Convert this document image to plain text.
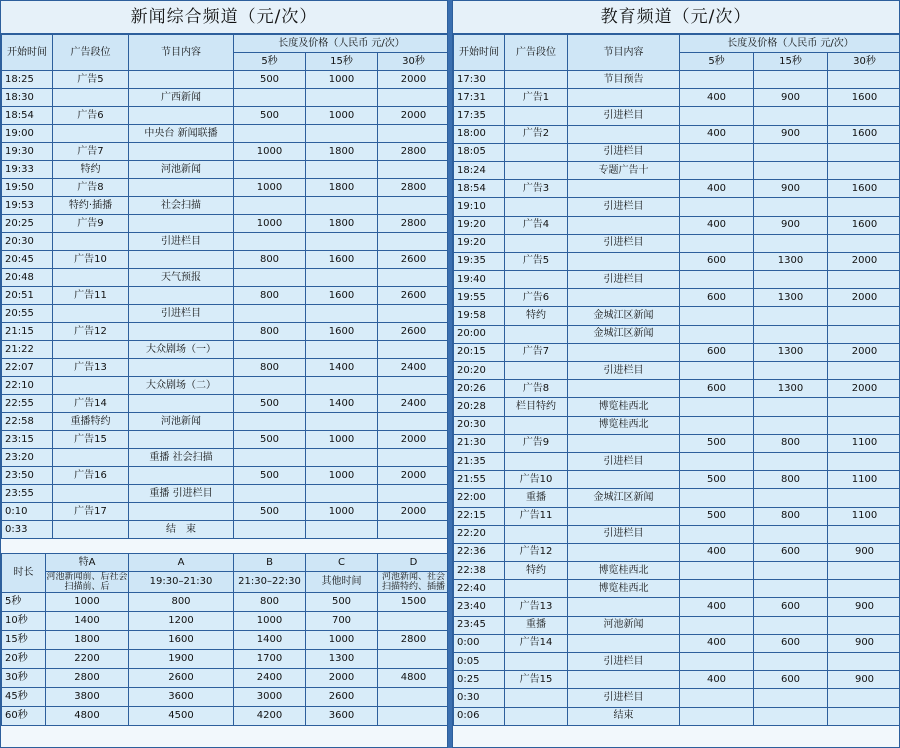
新闻综合频道（元/次）
开始时间	广告段位	节目内容	长度及价格（人民币 元/次）		
			5秒	15秒	30秒
18:25	广告5		500	1000	2000
18:30		广西新闻			
18:54	广告6		500	1000	2000
19:00		中央台 新闻联播			
19:30	广告7		1000	1800	2800
19:33	特约	河池新闻			
19:50	广告8		1000	1800	2800
19:53	特约·插播	社会扫描			
20:25	广告9		1000	1800	2800
20:30		引进栏目			
20:45	广告10		800	1600	2600
20:48		天气预报			
20:51	广告11		800	1600	2600
20:55		引进栏目			
21:15	广告12		800	1600	2600
21:22		大众剧场（一）			
22:07	广告13		800	1400	2400
22:10		大众剧场（二）			
22:55	广告14		500	1400	2400
22:58	重播特约	河池新闻			
23:15	广告15		500	1000	2000
23:20		重播 社会扫描			
23:50	广告16		500	1000	2000
23:55		重播 引进栏目			
0:10	广告17		500	1000	2000
0:33		结　束			
时长	特A	A	B	C	D
	河池新闻前、后社会扫描前、后	19:30–21:30	21:30–22:30	其他时间	河池新闻、社会扫描特约、插播
5秒	1000	800	800	500	1500
10秒	1400	1200	1000	700	
15秒	1800	1600	1400	1000	2800
20秒	2200	1900	1700	1300	
30秒	2800	2600	2400	2000	4800
45秒	3800	3600	3000	2600	
60秒	4800	4500	4200	3600	
教育频道（元/次）
开始时间	广告段位	节目内容	长度及价格（人民币 元/次）		
			5秒	15秒	30秒
17:30		节目预告			
17:31	广告1		400	900	1600
17:35		引进栏目			
18:00	广告2		400	900	1600
18:05		引进栏目			
18:24		专题广告十			
18:54	广告3		400	900	1600
19:10		引进栏目			
19:20	广告4		400	900	1600
19:20		引进栏目			
19:35	广告5		600	1300	2000
19:40		引进栏目			
19:55	广告6		600	1300	2000
19:58	特约	金城江区新闻			
20:00		金城江区新闻			
20:15	广告7		600	1300	2000
20:20		引进栏目			
20:26	广告8		600	1300	2000
20:28	栏目特约	博览桂西北			
20:30		博览桂西北			
21:30	广告9		500	800	1100
21:35		引进栏目			
21:55	广告10		500	800	1100
22:00	重播	金城江区新闻			
22:15	广告11		500	800	1100
22:20		引进栏目			
22:36	广告12		400	600	900
22:38	特约	博览桂西北			
22:40		博览桂西北			
23:40	广告13		400	600	900
23:45	重播	河池新闻			
0:00	广告14		400	600	900
0:05		引进栏目			
0:25	广告15		400	600	900
0:30		引进栏目			
0:06		结束			
